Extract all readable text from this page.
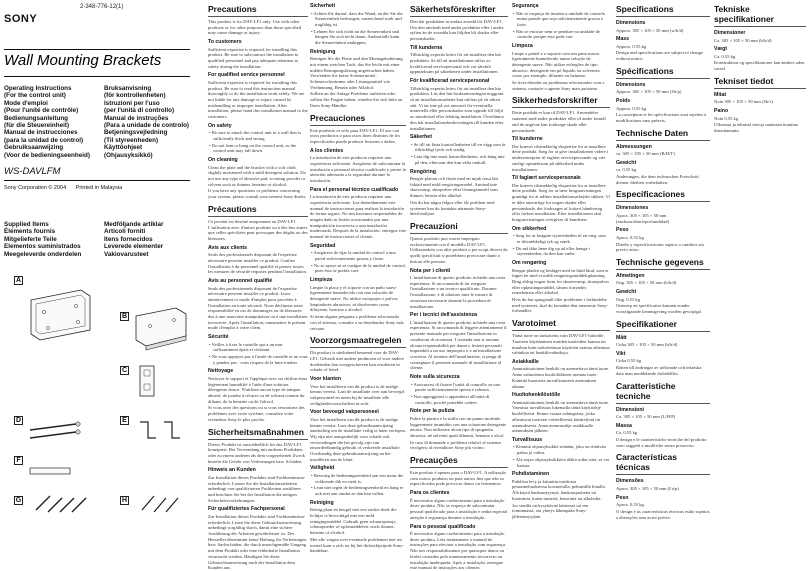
2-348-776-12(1)
SONY
Wall Mounting Brackets
Operating Instructions
(For the control unit)
Mode d'emploi
(Pour l'unité de contrôle)
Bedienungsanleitung
(für die Steuereinheit)
Manual de instrucciones
(para la unidad de control)
Gebruiksaanwijzing
(Voor de bedieningseenheid)
Bruksanvisning
(för kontrollenheten)
Istruzioni per l'uso
(per l'unità di controllo)
Manual de instruções
(Para a unidade de controlo)
Betjeningsvejledning
(Til styreenheden)
Käyttöohjeet
(Ohjausyksikkö)
WS-DAVLFM
Sony Corporation © 2004 Printed in Malaysia
Supplied Items
Éléments fournis
Mitgelieferte Teile
Elementos suministrados
Meegeleverde onderdelen
Medföljande artiklar
Articoli forniti
Itens fornecidos
Leverede elementer
Vakiovarusteet
A
B
C
D	E
F
G	H
Precautions
This product is for DAV-LF1 only. Use with other products or for other purposes than those specified may cause damage or injury.
To customers
Sufficient expertise is required for installing this product. Be sure to subcontract the installation to qualified personnel and pay adequate attention to safety during the installation.
For qualified service personnel
Sufficient expertise is required for installing this product. Be sure to read this instruction manual thoroughly to do the installation work safely. We are not liable for any damage or injury caused by mishandling or improper installation. After installation, please hand this installation manual to the customers.
On safety
• Be sure to attach the control unit to a wall that is sufficiently thick and strong.
• Do not lean or hang on the control unit, as the control unit may fall down.
On cleaning
Clean the plate and the bracket with a soft cloth slightly moistened with a mild detergent solution. Do not use any type of abrasive pad, scouring powder or solvent such as thinner, benzine or alcohol.
If you have any questions or problems concerning your system, please consult your nearest Sony dealer.
Précautions
Ce produit est destiné uniquement au DAV-LF1. L'utilisation avec d'autres produits ou à des fins autres que celles spécifiées peut provoquer des dégâts ou des blessures.
Avis aux clients
Seuls des professionnels disposant de l'expertise nécessaire peuvent installer ce produit. Confiez l'installation à du personnel qualifié et prenez toutes les mesures de sécurité requises pendant l'installation.
Avis au personnel qualifié
Seuls des professionnels disposant de l'expertise nécessaire peuvent installer ce produit. Lisez attentivement ce mode d'emploi pour procéder à l'installation en toute sécurité. Nous déclinons toute responsabilité en cas de dommages ou de blessures dus à une mauvaise manipulation ou à une installation incorrecte. Après l'installation, transmettez le présent mode d'emploi à votre client.
Sécurité
• Veillez à fixer le contrôle qui a un mur suffisamment épais et résistant.
• Ne vous appuyez pas à l'unité de contrôle et ne vous y pendez pas : vous risquez de la faire tomber.
Nettoyage
Nettoyez le support et l'applique avec un chiffon doux légèrement humidifié à l'aide d'une solution détergente douce. N'utilisez aucun type de tampon abrasif, de poudre à récurer ou de solvant comme du diluant, de la benzine ou de l'alcool.
Si vous avez des questions ou si vous rencontrez des problèmes avec votre système, consultez votre revendeur Sony le plus proche.
Sicherheitsmaßnahmen
Dieses Produkt ist ausschließlich für das DAV-LF1 konzipiert. Bei Verwendung mit anderen Produkten oder zu einem anderen als dem vorgesehenen Zweck besteht die Gefahr von Verletzungen bzw. Schäden.
Hinweis an Kunden
Zur Installation dieses Produkts sind Fachkenntnisse erforderlich. Lassen Sie die Installationsarbeiten unbedingt von qualifizierten Fachleuten ausführen und beachten Sie bei der Installation die nötigen Sicherheitsvorkehrungen.
Für qualifiziertes Fachpersonal
Zur Installation dieses Produkts sind Fachkenntnisse erforderlich. Lesen Sie diese Gebrauchsanweisung unbedingt sorgfältig durch, damit eine sichere Ausführung der Arbeiten gewährleistet ist. Der Hersteller übernimmt keine Haftung für Verletzungen bzw. Sachschäden, die durch unsachgemäße Umgang mit dem Produkt oder eine fehlerhafte Installation verursacht werden. Händigen Sie diese Gebrauchsanweisung nach der Installation dem Kunden aus.
Sicherheit
• Achten Sie darauf, dass die Wand, an der Sie die Steuereinheit befestigen, ausreichend stark und tragfähig ist.
• Lehnen Sie sich nicht an die Steuereinheit und hängen Sie sich nicht daran. Andernfalls kann die Steuereinheit umkippen.
Reinigung
Reinigen Sie die Platte und den Montagehalterung mit einem weichen Tuch, das Sie leicht mit einer milden Reinigungslösung angefeuchtet haben. Verwenden Sie keine Scheuermittel, Scheuerschwämme oder Lösungsmittel wie Verdünnung, Benzin oder Alkohol.
Sollten an der Anlage Probleme auftreten oder sollten Sie Fragen haben, wenden Sie sich bitte an Ihren Sony-Händler.
Precauciones
Este producto es sólo para DAV-LF1. El uso con otros productos o para otros fines distintos de los especificados puede producir lesiones o daños.
A los clientes
La instalación de este producto requiere una experiencia suficiente. Asegúrese de subcontratar la instalación a personal técnico cualificado y preste la atención adecuada a la seguridad durante la instalación.
Para el personal técnico cualificado
La instalación de este producto requiere una experiencia suficiente. Lea detenidamente este manual de instrucciones para realizar la instalación de forma segura. No nos hacemos responsables de ningún daño ni lesión ocasionados por una manipulación incorrecta o una instalación inadecuada. Después de la instalación, entregue este manual de instrucciones al cliente.
Seguridad
• Asegúrese de fijar la unidad de control a una pared suficientemente gruesa y firme.
• No se apoye ni se cuelgue de la unidad de control, pues ésta se podría caer.
Limpieza
Limpie la placa y el soporte con un paño suave ligeramente humedecido con una solución de detergente suave. No utilice estropajos o polvos limpiadores abrasivos, ni disolventes como diluyente, bencina o alcohol.
Si tiene alguna pregunta o problema relacionado con el sistema, consulte a su distribuidor Sony más cercano.
Voorzorgsmaatregelen
Dit product is uitsluitend bestemd voor de DAV-LF1. Gebruik met andere producten of voor andere doeleinden dan voorgeschreven kan resulteren in schade of letsel.
Voor klanten
Voor het installeren van dit product is de nodige kennis vereist. Laat de installatie over aan bevoegd vakpersoneel en neem bij de installatie alle veiligheidsvoorschriften in acht.
Voor bevoegd vakpersoneel
Voor het installeren van dit product is de nodige kennis vereist. Lees deze gebruiksaanwijzing aandachtig om de installatie veilig te laten verlopen. Wij zijn niet aansprakelijk voor schade ook verwondingen die het gevolg zijn van onoordeelkundig gebruik of verkeerde installatie. Overhandig deze gebruiksaanwijzing na het installeren aan de klant.
Veiligheid
• Bevestig de bedieningseenheid aan een muur die voldoende dik en sterk is.
• Leun niet tegen de bedieningseenheid en hang er ook niet aan omdat ze dan kan vallen.
Reiniging
Reinig plaat en beugel met een zachte doek die lichtjes is bevochtigd met een mild reinigingsmiddel. Gebruik geen schuursponsje, schuurpoeder of oplosmiddelen, zoals thinner, benzine of alcohol.
Met alle vragen over eventuele problemen met uw toestel kunt u zich tot bij het dichtstbijzijnde Sony-handelaar.
Säkerhetsföreskrifter
Den här produkten är endast avsedd för DAV-LF1. Om den används med andra produkter eller i andra syften än de avsedda kan följden bli skador eller personskador.
Till kunderna
Tillräcklig expertis krävs för att installera den här produkten. Se till att installationen utförs av kvalificerad servicepersonal och var särskilt uppmärksam på säkerheten under installationen.
För kvalificerad servicepersonal
Tillräcklig expertis krävs för att installera den här produkten. Läs den här bruksanvisningen noggrant så att installationsarbetet kan utföras på ett säkert sätt. Vi tar inte på oss ansvaret för eventuella materiella eller personskador som uppstår till följd av misskötsel eller felaktig installation. Överlämna den här installationsbeskrivningen till kunden efter installationen.
Säkerhet
• Se till att fästa kontrollenheten till en vägg som är tillräckligt tjock och stadig.
• Luta dig inte emot kontrollenheten, och häng inte på den, eftersom den kan välta omkull.
Rengöring
Rengör plattan och fästet med en mjuk trasa lätt fuktad med mild rengöringsmedel. Använd inte skursvamp, skurpulver eller lösningsmedel som thinner, bensin eller alkohol.
Om du har några frågor eller får problem med systemet kan du kontakta närmaste Sony-återförsäljare.
Precauzioni
Questo prodotto può essere impiegato esclusivamente con il modello DAV-LF1. Utilizzandolo con altri prodotti o per scopi diversi da quelli specificati si potrebbero provocare danni o lesioni alle persone.
Nota per i clienti
L'installazione di questo prodotto richiede una certa esperienza. Si raccomanda di far eseguire l'installazione a un tecnico qualificato. Durante l'installazione, è di adottare tutte le misure di sicurezza necessarie durante la procedura di installazione.
Per i tecnici dell'assistenza
L'installazione di questo prodotto richiede una certa esperienza. Si raccomanda di leggere attentamente il presente manuale per eseguire l'installazione in condizioni di sicurezza. L'azienda non si assume alcuna responsabilità per danni o lesioni personali imputabili a un uso improprio o a un'installazione scorretta. Al termine dell'installazione, si prega di consegnare il presente manuale di installazione al cliente.
Note sulla sicurezza
• Assicurarsi di fissare l'unità di controllo su una parete sufficientemente spessa e robusta.
• Non appoggiarsi o appendersi all'unità di controllo, poiché potrebbe cadere.
Note per la pulizia
Pulire la piastra e la staffa con un panno morbido leggermente inumidito con una soluzione detergente neutra. Non utilizzare alcun tipo di spugnetta abrasiva, né solventi quali diluenti, benzina o alcol.
In caso di domande o problemi relativi al sistema, rivolgersi al rivenditore Sony più vicino.
Precauções
Este produto é apenas para o DAV-LF1. A utilização com outros produtos ou para outros fins que não os especificados pode provocar danos ou ferimentos.
Para os clientes
É necessário algum conhecimento para a instalação deste produto. Não se esqueça de subcontratar pessoal qualificado para a instalação e tenha especial atenção à segurança durante a instalação.
Para o pessoal qualificado
É necessário algum conhecimento para a instalação deste produto. Leia atentamente o manual de instruções para efectuar a instalação com segurança. Não nos responsabilizamos por quaisquer danos ou lesões causados pelo manuseamento incorrecto ou instalação inadequada. Após a instalação, entregue este manual de instruções aos clientes.
Segurança
• Não se esqueça de instalar a unidade de controlo numa parede que seja suficientemente grossa e forte.
• Não se encoste nem se pendure na unidade de controlo porque esta pode cair.
Limpeza
Limpe a painel e o suporte com um pano macio ligeiramente humedecido numa solução de detergente suave. Não utilize esfregões de tipo abrasivo, detergente em pó líquido ou solventes, como por exemplo, diluente ou benzina.
Se tiver dúvidas ou problemas relacionados com o sistema, contacte o agente Sony mais próximo.
Sikkerhedsforskrifter
Dette produkt er kun til DAV-LF1. Anvendelse sammen med andre produkter eller til andre formål end de angivne kan forårsage skade eller personskade.
Til kunderne
Der kræves tilstrækkelig ekspertise for at installere dette produkt. Sørg for at give installationen videre i underentreprise til faglært servicepersonale og vær særligt opmærksom på sikkerhed under installationen.
Til faglært servicepersonale
Der kræves tilstrækkelig ekspertise for at installere dette produkt. Sørg for at læse brugsanvisningen grundigt for at udføre installationsarbejdet sikkert. Vi er ikke ansvarlige for nogen skader eller personskade, der forårsages af forkert håndtering eller forkert installation. Efter installationen skal brugsanvisningen overgives til kunderne.
Om sikkerhed
• Sørg for at fastgøre styreenheden til en væg, som er tilstrækkeligt tyk og stærk.
• Du må ikke læne dig op ad eller hænge i styreenheden, da den kan vælte.
Om rengøring
Rengør pladen og beslaget med en blød klud, som er fugtet let med et mildt rengøringsmiddelopløsning. Brug aldrig nogen form for skuresvamp, skurepulver eller opløsningsmiddel, såsom fortynder, rensebenzin eller alkohol.
Hvis du har spørgsmål eller problemer i forbindelse med systemet, skal du kontakte den nærmeste Sony-forhandler.
Varotoimet
Tämä tuote on tarkoitettu vain DAV-LF1-laitteille. Tuotteen käyttäminen muiden tuotteiden kanssa tai muuhun kuin tarkoitettuun käyttöön saattaa aiheuttaa vahinkoa tai henkilövahinkoja.
Asiakkaille
Ammattitaitoinen henkilö on asennettava tämä tuote. Anna valtuutetun huoltoliikkeen asentaa tuote. Kiinnitä huomiota turvallisuuteen asennuksen aikana.
Huoltohenkilöstölle
Ammattitaitoinen henkilö on asennettava tämä tuote. Varmista turvallisuus lukemalla tämä käyttöohje huolellisesti. Emme vastaa vahingoista, jotka aiheutuvat tuotteen virheellisestä käsittelystä tai asennuksesta. Anna asennusohje asiakkaalle asennuksen jälkeen.
Turvallisuus
• Kiinnitä ohjausyksikkö seinään, joka on riittävän paksu ja vahva.
• Älä nojaa ohjausyksikköön äläkä roiku siitä, se voi kaatua.
Puhdistaminen
Puhdista levy ja kiinnitin miedossa pesuaineliuoksessa kostutetulla, pehmeällä liinalla. Älä käytä hankaustyynyä, hankausjauhetta tai liuottimia, kuten tinneriä, bensiiniä tai alkoholia.
Jos sinulla on kysyttävää laitteesta tai sen toiminnasta, ota yhteys lähimpään Sony-jälleenmyyjään.
Specifications
Dimensions
Approx. 305 × 105 × 50 mm (w/h/d)
Mass
Approx. 0.55 kg
Design and specifications are subject to change without notice.
Spécifications
Dimensions
Approx. 305 × 105 × 50 mm (l/h/p)
Poids
Approx. 0,55 kg
La conception et les spécifications sont sujettes à modifications sans préavis.
Technische Daten
Abmessungen
ca. 305 × 105 × 50 mm (B/H/T)
Gewicht
ca. 0,55 kg
Änderungen, die dem technischen Fortschritt dienen, bleiben vorbehalten.
Especificaciones
Dimensiones
Aprox. 305 × 105 × 50 mm (anchura/altura/profundidad)
Peso
Aprox. 0,55 kg
Diseño y especificaciones sujetos a cambios sin previo aviso.
Technische gegevens
Afmetingen
Ong. 305 × 105 × 50 mm (b/h/d)
Gewicht
Ong. 0,55 kg
Ontwerp en specificaties kunnen zonder voorafgaande kennisgeving worden gewijzigd.
Specifikationer
Mått
Cirka 305 × 105 × 50 mm (b/h/d)
Vikt
Cirka 0,55 kg
Rätten till ändringar av utförande och tekniska data utan meddelande förbehålles.
Caratteristiche tecniche
Dimensioni
Ca. 305 × 105 × 50 mm (L/H/P)
Massa
Ca. 0,55 kg
Il design e le caratteristiche tecniche del prodotto sono soggetti a modifiche senza preavviso.
Características técnicas
Dimensões
Aprox. 305 × 105 × 50 mm (l/a/p)
Peso
Aprox. 0,55 kg
O design e as características técnicas estão sujeitos a alterações sem aviso prévio.
Tekniske specifikationer
Dimensioner
Ca. 305 × 105 × 50 mm (b/h/d)
Vægt
Ca. 0,55 kg
Konstruktion og specifikationer kan ændres uden varsel.
Tekniset tiedot
Mitat
Noin 305 × 105 × 50 mm (l/k/s)
Paino
Noin 0,55 kg
Ulkoasua ja teknisiä tietoja saatetaan muuttaa ilmoittamatta.
